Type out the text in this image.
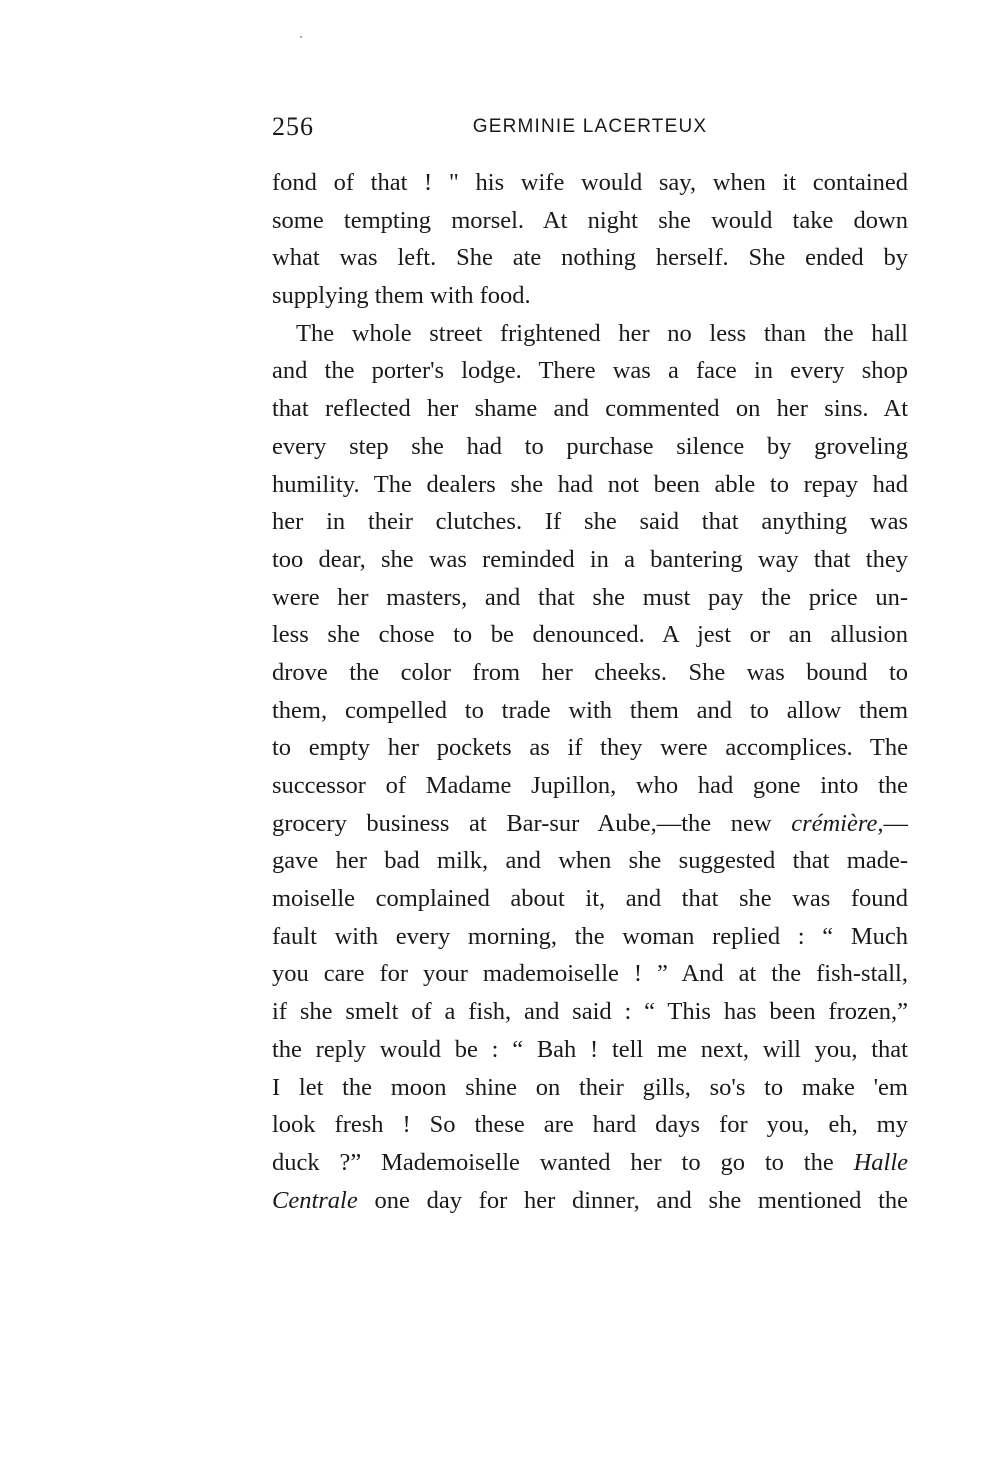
256	GERMINIE LACERTEUX
fond of that ! " his wife would say, when it contained
some tempting morsel. At night she would take down
what was left. She ate nothing herself. She ended by
supplying them with food.
The whole street frightened her no less than the hall
and the porter's lodge. There was a face in every shop
that reflected her shame and commented on her sins. At
every step she had to purchase silence by groveling
humility. The dealers she had not been able to repay had
her in their clutches. If she said that anything was
too dear, she was reminded in a bantering way that they
were her masters, and that she must pay the price un-
less she chose to be denounced. A jest or an allusion
drove the color from her cheeks. She was bound to
them, compelled to trade with them and to allow them
to empty her pockets as if they were accomplices. The
successor of Madame Jupillon, who had gone into the
grocery business at Bar-sur Aube,—the new crémière,—
gave her bad milk, and when she suggested that made-
moiselle complained about it, and that she was found
fault with every morning, the woman replied : “ Much
you care for your mademoiselle ! ” And at the fish-stall,
if she smelt of a fish, and said : “ This has been frozen,”
the reply would be : “ Bah ! tell me next, will you, that
I let the moon shine on their gills, so's to make 'em
look fresh ! So these are hard days for you, eh, my
duck ?” Mademoiselle wanted her to go to the Halle
Centrale one day for her dinner, and she mentioned the
